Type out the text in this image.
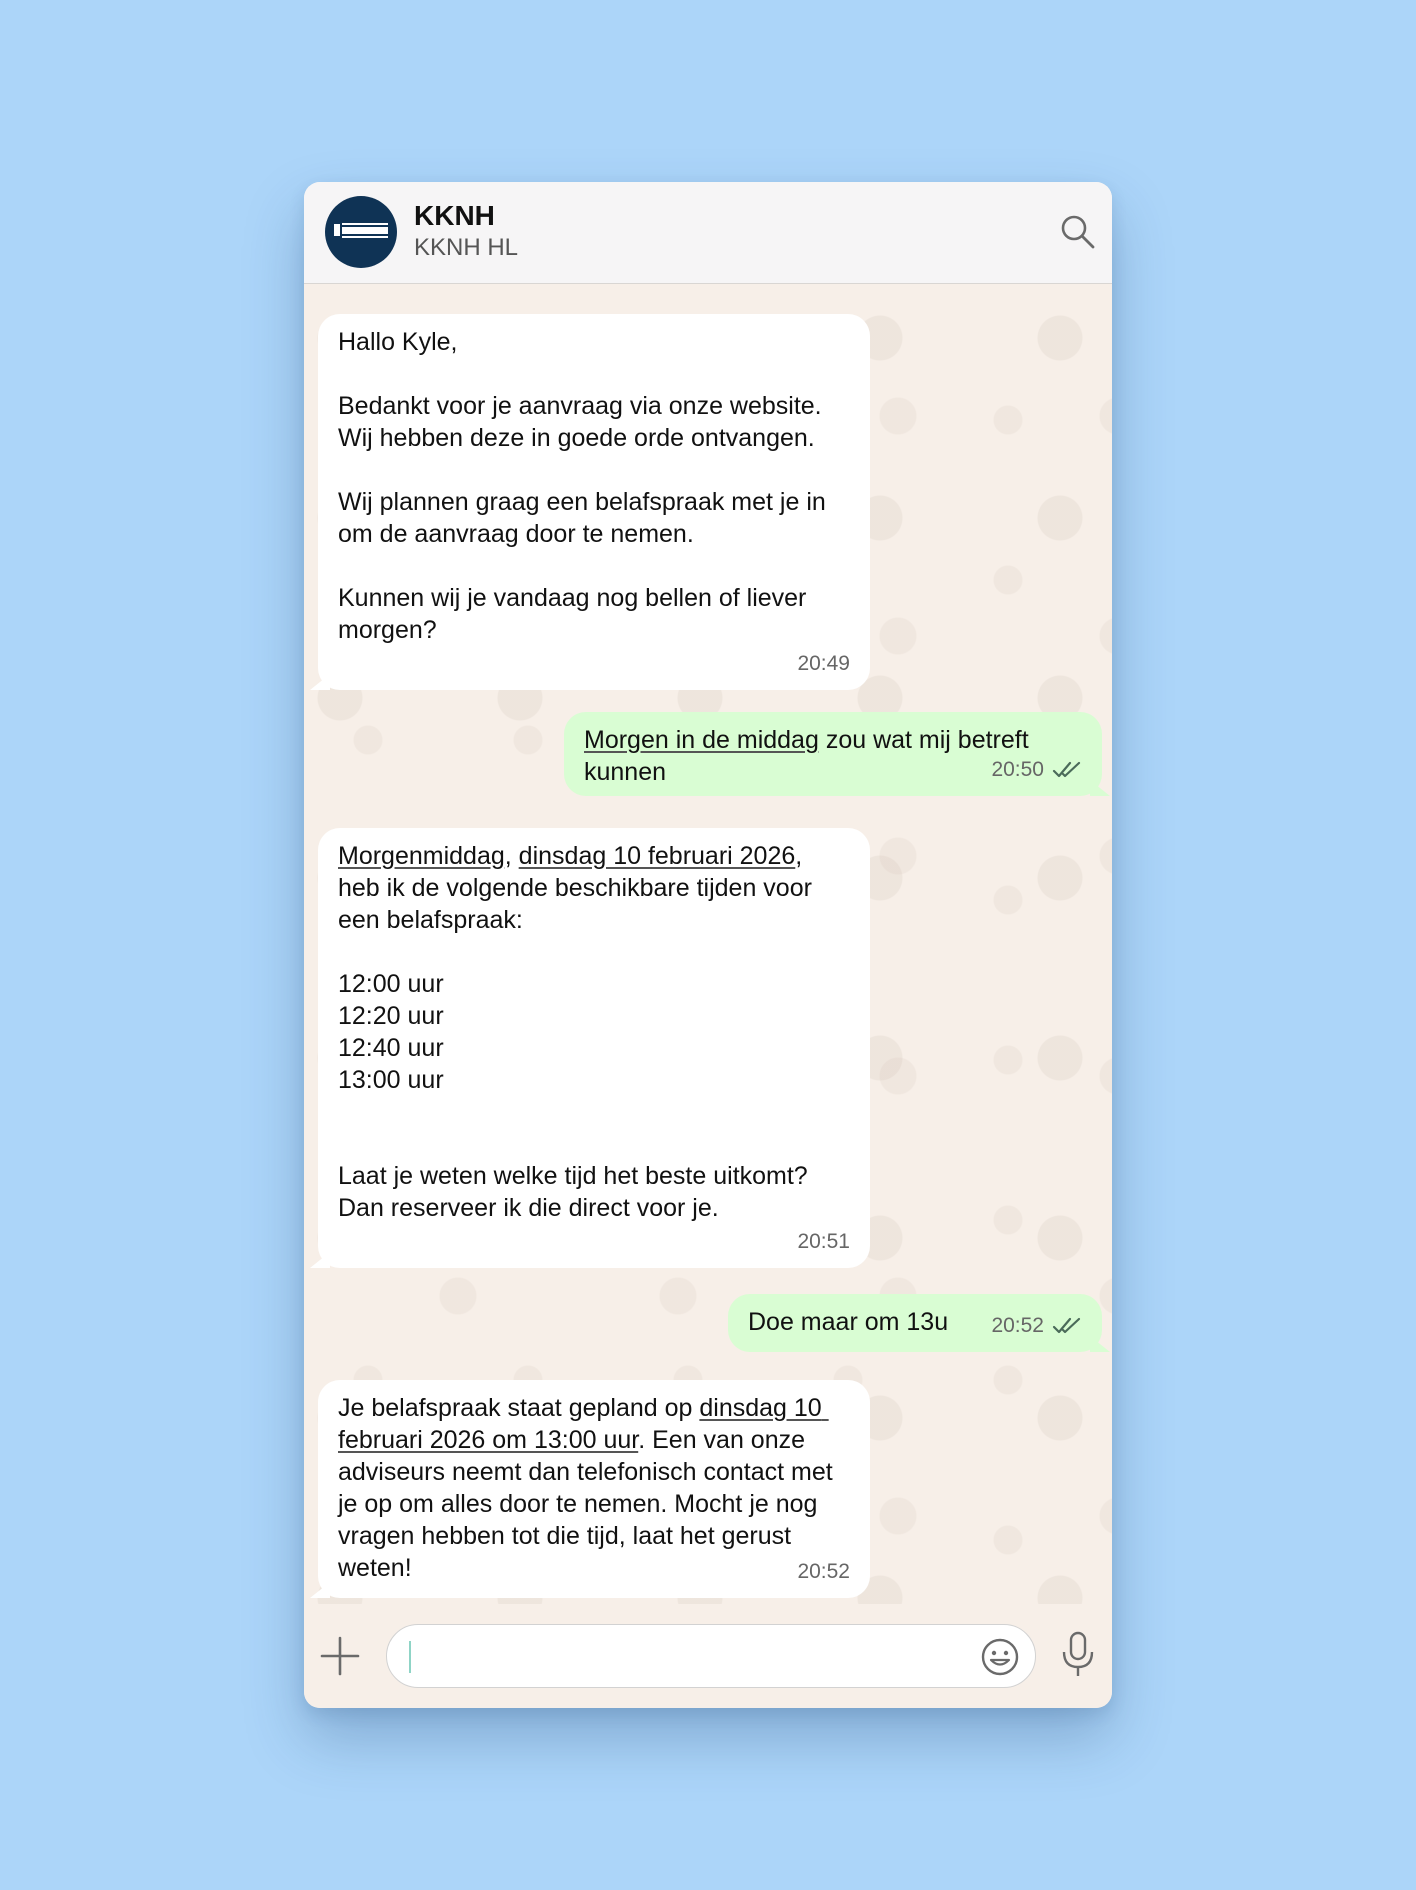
KKNH
KKNH HL
Hallo Kyle,

Bedankt voor je aanvraag via onze website. Wij hebben deze in goede orde ontvangen.

Wij plannen graag een belafspraak met je in om de aanvraag door te nemen.

Kunnen wij je vandaag nog bellen of liever morgen?
20:49
Morgen in de middag zou wat mij betreft kunnen	20:50
Morgenmiddag, dinsdag 10 februari 2026, heb ik de volgende beschikbare tijden voor een belafspraak:

12:00 uur
12:20 uur
12:40 uur
13:00 uur

Laat je weten welke tijd het beste uitkomt? Dan reserveer ik die direct voor je.
20:51
Doe maar om 13u	20:52
Je belafspraak staat gepland op dinsdag 10 februari 2026 om 13:00 uur. Een van onze adviseurs neemt dan telefonisch contact met je op om alles door te nemen. Mocht je nog vragen hebben tot die tijd, laat het gerust weten!	20:52
